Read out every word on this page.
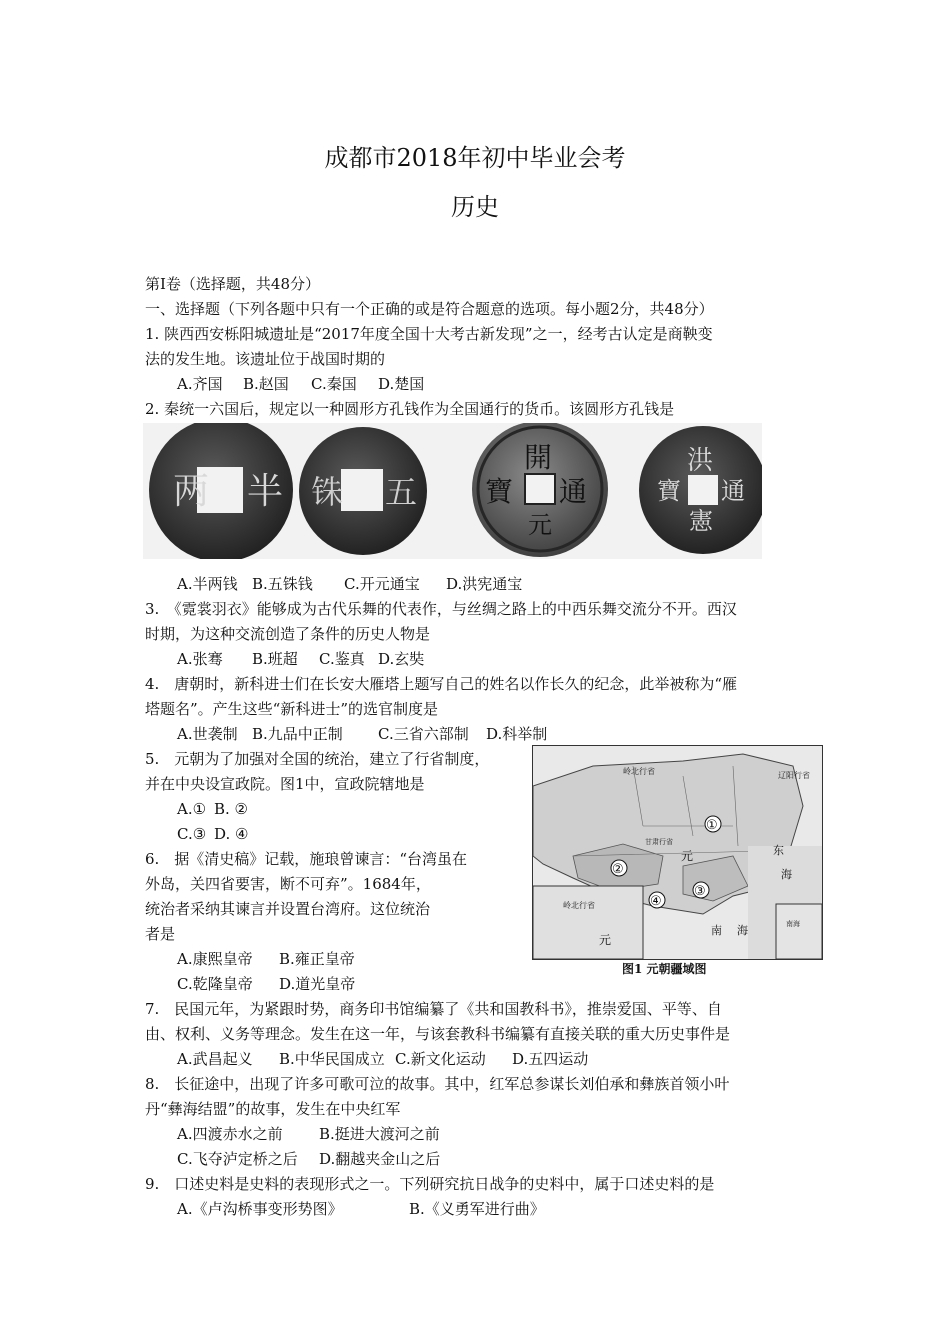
成都市2018年初中毕业会考
历史
第I卷（选择题，共48分）
一、选择题（下列各题中只有一个正确的或是符合题意的选项。每小题2分，共48分）
1. 陕西西安栎阳城遗址是“2017年度全国十大考古新发现”之一，经考古认定是商鞅变
法的发生地。该遗址位于战国时期的
A.齐国 B.赵国 C.秦国 D.楚国
2. 秦统一六国后，规定以一种圆形方孔钱作为全国通行的货币。该圆形方孔钱是
两 半 铢 五
開
通
元
寶
洪
通
憲
寶
A.半两钱 B.五铢钱 C.开元通宝 D.洪宪通宝
3.　《霓裳羽衣》能够成为古代乐舞的代表作，与丝绸之路上的中西乐舞交流分不开。西汉
时期，为这种交流创造了条件的历史人物是
A.张骞 B.班超 C.鉴真 D.玄奘
4.　唐朝时，新科进士们在长安大雁塔上题写自己的姓名以作长久的纪念，此举被称为“雁
塔题名”。产生这些“新科进士”的选官制度是
A.世袭制 B.九品中正制 C.三省六部制 D.科举制
5.　元朝为了加强对全国的统治，建立了行省制度，
并在中央设宣政院。图1中，宣政院辖地是
A.① B. ②
C.③ D. ④
岭北行省	辽阳行省
甘肃行省
元	东
海
南 海
岭北行省
元
南海
①
②
③
④
图1 元朝疆域图
6.　据《清史稿》记载，施琅曾谏言：“台湾虽在
外岛，关四省要害，断不可弃”。1684年，
统治者采纳其谏言并设置台湾府。这位统治
者是
A.康熙皇帝 B.雍正皇帝
C.乾隆皇帝 D.道光皇帝
7.　民国元年，为紧跟时势，商务印书馆编纂了《共和国教科书》，推崇爱国、平等、自
由、权利、义务等理念。发生在这一年，与该套教科书编纂有直接关联的重大历史事件是
A.武昌起义 B.中华民国成立 C.新文化运动 D.五四运动
8.　长征途中，出现了许多可歌可泣的故事。其中，红军总参谋长刘伯承和彝族首领小叶
丹“彝海结盟”的故事，发生在中央红军
A.四渡赤水之前 B.挺进大渡河之前
C.飞夺泸定桥之后 D.翻越夹金山之后
9.　口述史料是史料的表现形式之一。下列研究抗日战争的史料中，属于口述史料的是
A.《卢沟桥事变形势图》	B.《义勇军进行曲》
